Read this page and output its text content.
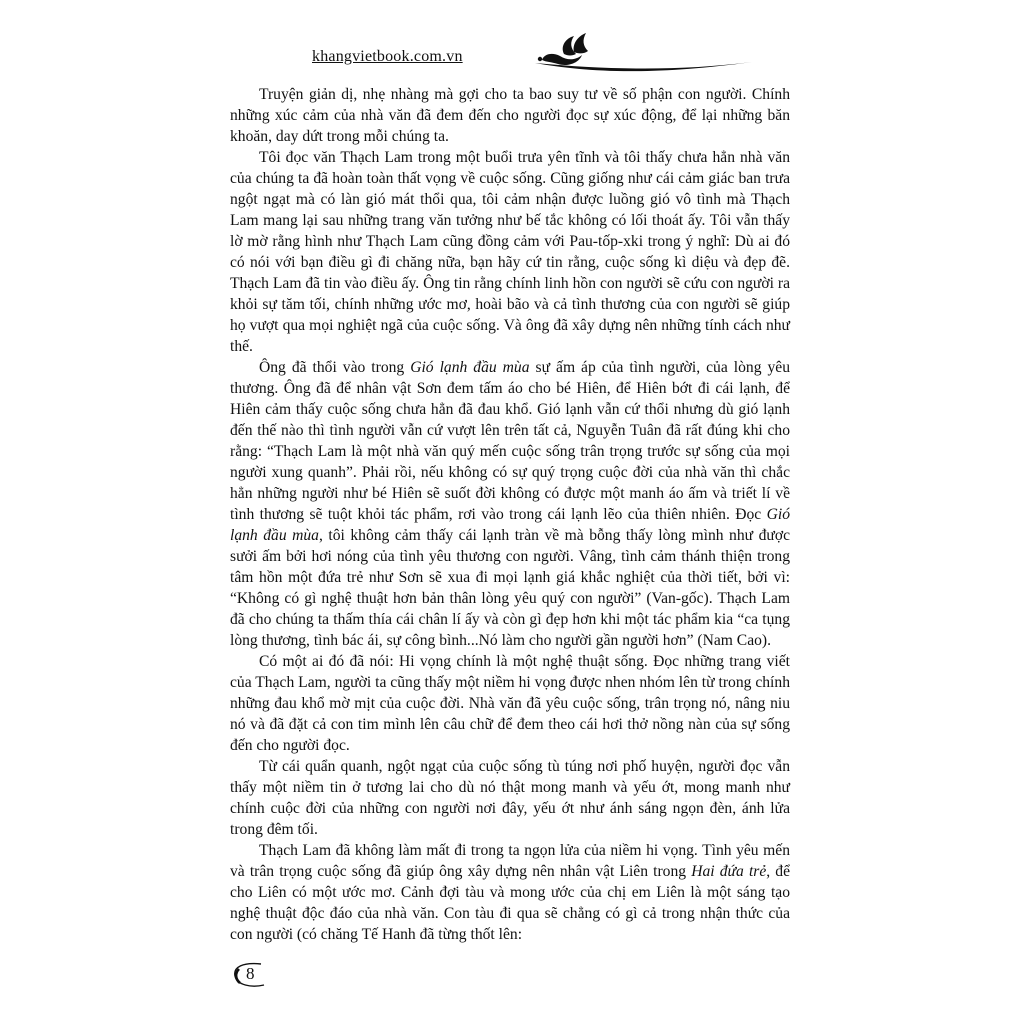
khangvietbook.com.vn

Truyện giản dị, nhẹ nhàng mà gợi cho ta bao suy tư về số phận con người. Chính những xúc cảm của nhà văn đã đem đến cho người đọc sự xúc động, để lại những băn khoăn, day dứt trong mỗi chúng ta.

Tôi đọc văn Thạch Lam trong một buổi trưa yên tĩnh và tôi thấy chưa hẳn nhà văn của chúng ta đã hoàn toàn thất vọng về cuộc sống. Cũng giống như cái cảm giác ban trưa ngột ngạt mà có làn gió mát thổi qua, tôi cảm nhận được luồng gió vô tình mà Thạch Lam mang lại sau những trang văn tưởng như bế tắc không có lối thoát ấy. Tôi vẫn thấy lờ mờ rằng hình như Thạch Lam cũng đồng cảm với Pau-tốp-xki trong ý nghĩ: Dù ai đó có nói với bạn điều gì đi chăng nữa, bạn hãy cứ tin rằng, cuộc sống kì diệu và đẹp đẽ. Thạch Lam đã tin vào điều ấy. Ông tin rằng chính linh hồn con người sẽ cứu con người ra khỏi sự tăm tối, chính những ước mơ, hoài bão và cả tình thương của con người sẽ giúp họ vượt qua mọi nghiệt ngã của cuộc sống. Và ông đã xây dựng nên những tính cách như thế.

Ông đã thổi vào trong Gió lạnh đầu mùa sự ấm áp của tình người, của lòng yêu thương. Ông đã để nhân vật Sơn đem tấm áo cho bé Hiên, để Hiên bớt đi cái lạnh, để Hiên cảm thấy cuộc sống chưa hẳn đã đau khổ. Gió lạnh vẫn cứ thổi nhưng dù gió lạnh đến thế nào thì tình người vẫn cứ vượt lên trên tất cả, Nguyễn Tuân đã rất đúng khi cho rằng: “Thạch Lam là một nhà văn quý mến cuộc sống trân trọng trước sự sống của mọi người xung quanh”. Phải rồi, nếu không có sự quý trọng cuộc đời của nhà văn thì chắc hẳn những người như bé Hiên sẽ suốt đời không có được một manh áo ấm và triết lí về tình thương sẽ tuột khỏi tác phẩm, rơi vào trong cái lạnh lẽo của thiên nhiên. Đọc Gió lạnh đầu mùa, tôi không cảm thấy cái lạnh tràn về mà bỗng thấy lòng mình như được sưởi ấm bởi hơi nóng của tình yêu thương con người. Vâng, tình cảm thánh thiện trong tâm hồn một đứa trẻ như Sơn sẽ xua đi mọi lạnh giá khắc nghiệt của thời tiết, bởi vì: “Không có gì nghệ thuật hơn bản thân lòng yêu quý con người” (Van-gốc). Thạch Lam đã cho chúng ta thấm thía cái chân lí ấy và còn gì đẹp hơn khi một tác phẩm kia “ca tụng lòng thương, tình bác ái, sự công bình...Nó làm cho người gần người hơn” (Nam Cao).

Có một ai đó đã nói: Hi vọng chính là một nghệ thuật sống. Đọc những trang viết của Thạch Lam, người ta cũng thấy một niềm hi vọng được nhen nhóm lên từ trong chính những đau khổ mờ mịt của cuộc đời. Nhà văn đã yêu cuộc sống, trân trọng nó, nâng niu nó và đã đặt cả con tim mình lên câu chữ để đem theo cái hơi thở nồng nàn của sự sống đến cho người đọc.

Từ cái quẩn quanh, ngột ngạt của cuộc sống tù túng nơi phố huyện, người đọc vẫn thấy một niềm tin ở tương lai cho dù nó thật mong manh và yếu ớt, mong manh như chính cuộc đời của những con người nơi đây, yếu ớt như ánh sáng ngọn đèn, ánh lửa trong đêm tối.

Thạch Lam đã không làm mất đi trong ta ngọn lửa của niềm hi vọng. Tình yêu mến và trân trọng cuộc sống đã giúp ông xây dựng nên nhân vật Liên trong Hai đứa trẻ, để cho Liên có một ước mơ. Cảnh đợi tàu và mong ước của chị em Liên là một sáng tạo nghệ thuật độc đáo của nhà văn. Con tàu đi qua sẽ chẳng có gì cả trong nhận thức của con người (có chăng Tế Hanh đã từng thốt lên:

8
